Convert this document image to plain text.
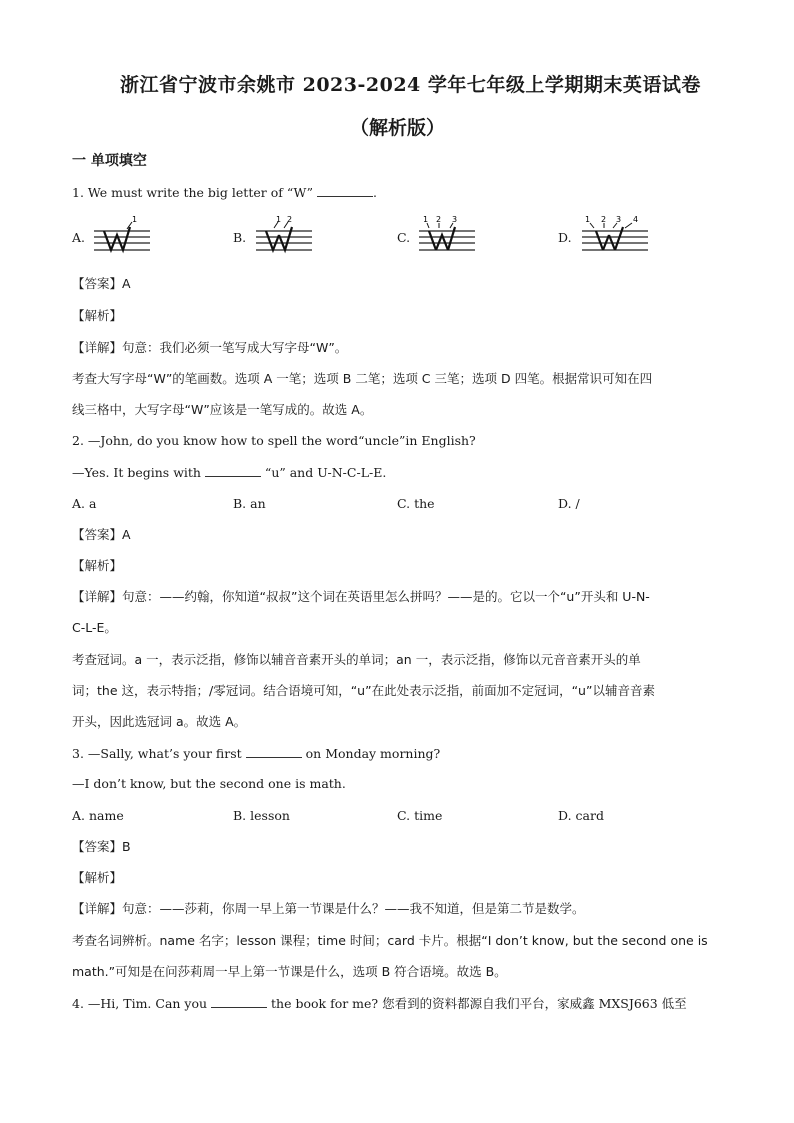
浙江省宁波市余姚市 2023-2024 学年七年级上学期期末英语试卷
（解析版）
一 单项填空
1. We must write the big letter of “W”	.
A.
1
B.
1 2
C.
1 2 3
D.
1 2 3 4
【答案】A
【解析】
【详解】句意：我们必须一笔写成大写字母“W”。
考查大写字母“W”的笔画数。选项 A 一笔；选项 B 二笔；选项 C 三笔；选项 D 四笔。根据常识可知在四
线三格中，大写字母“W”应该是一笔写成的。故选 A。
2. —John, do you know how to spell the word“uncle”in English?
—Yes. It begins with	“u” and U-N-C-L-E.
A. a	B. an	C. the	D. /
【答案】A
【解析】
【详解】句意：——约翰，你知道“叔叔”这个词在英语里怎么拼吗？——是的。它以一个“u”开头和 U-N-
C-L-E。
考查冠词。a 一，表示泛指，修饰以辅音音素开头的单词；an 一，表示泛指，修饰以元音音素开头的单
词；the 这，表示特指；/零冠词。结合语境可知，“u”在此处表示泛指，前面加不定冠词，“u”以辅音音素
开头，因此选冠词 a。故选 A。
3. —Sally, what’s your first	on Monday morning?
—I don’t know, but the second one is math.
A. name	B. lesson	C. time	D. card
【答案】B
【解析】
【详解】句意：——莎莉，你周一早上第一节课是什么？——我不知道，但是第二节是数学。
考查名词辨析。name 名字；lesson 课程；time 时间；card 卡片。根据“I don’t know, but the second one is
math.”可知是在问莎莉周一早上第一节课是什么，选项 B 符合语境。故选 B。
4. —Hi, Tim. Can you	the book for me? 您看到的资料都源自我们平台，家威鑫 MXSJ663 低至
